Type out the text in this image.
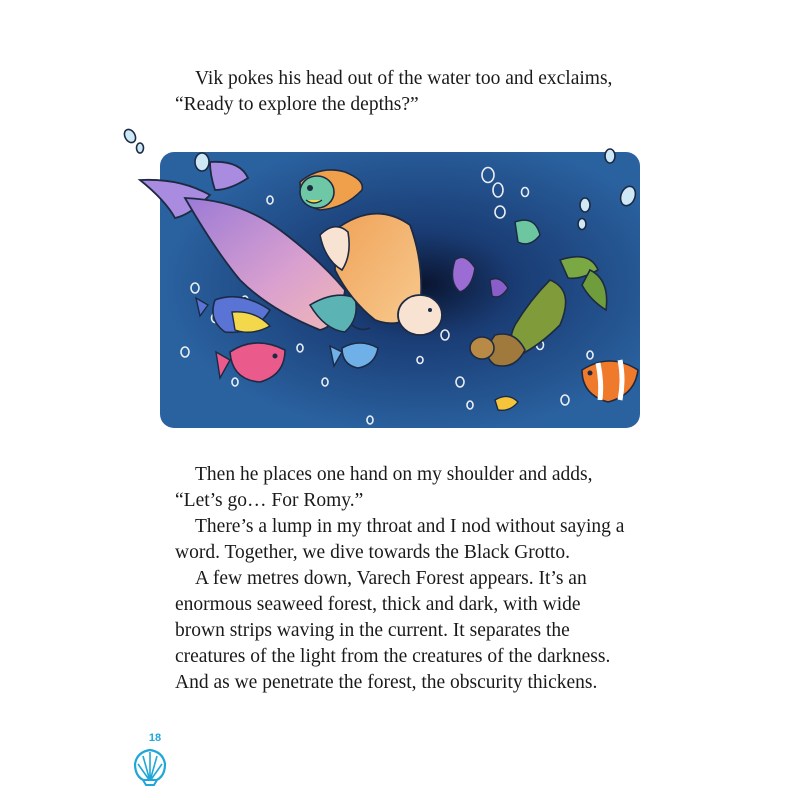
Vik pokes his head out of the water too and exclaims, “Ready to explore the depths?”

Then he places one hand on my shoulder and adds, “Let’s go… For Romy.”

There’s a lump in my throat and I nod without saying a word. Together, we dive towards the Black Grotto.

A few metres down, Varech Forest appears. It’s an enormous seaweed forest, thick and dark, with wide brown strips waving in the current. It separates the creatures of the light from the creatures of the darkness. And as we penetrate the forest, the obscurity thickens.

18
